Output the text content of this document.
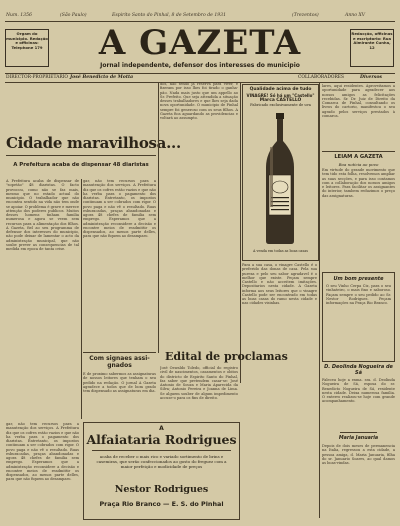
Num. 1356	(São Paulo)	Espirito Santo do Pinhal, 8 de Setembro de 1931	(Trezentos)	Anno XV
Orgam do municipio. Redação e officinas: Telephone 179
Redacção, officinas e escriptorio: Rua Almirante Cunha, 12
A GAZETA
Jornal independente, defensor dos interesses do municipio
DIRECTOR-PROPRIETARIO José Benedicto de Motta	COLLABORADORES	Diversos
Cidade maravilhosa...
A Prefeitura acaba de dispensar 48 diaristas
A Prefeitura acaba de dispensar de "sopetão" 48 diaristas. O facto provocou, como não se faz mais, mesmo que no estado actual do municipio. O trabalhador que não encontra sentido na vida não tem onde se apoiar. O problema é grave e merece attenção dos poderes publicos. Muitos desses homens tinham familia numerosa e agora se veem sem recursos para a alimentação dos filhos. A Gazeta, fiel ao seu programma de defensor dos interesses do municipio, não pode deixar de lamentar o acto da administração municipal, que não soube prever as consequencias de tal medida em epoca de tanta crise.
gar, não tem recursos para a manutenção dos serviços. A Prefeitura diz que os cofres estão vazios e que não ha verba para o pagamento dos diaristas. Entretanto, os impostos continuam a ser cobrados com rigor. O povo paga e não vê o resultado. Ruas esburacadas, praças abandonadas e agora 48 chefes de familia sem emprego. Esperamos que a administração reconsidere a decisão e encontre meios de readmittir os dispensados, ao menos parte delles, para que não fiquem ao desamparo.
dos, não tendo já reserva para viver, e fizeram por isso lhes foi tirado o ganha-pão. Nada mais justo que um appello ao Sr. Prefeito. Que seja attendida a situação desses trabalhadores e que lhes seja dada nova oportunidade. O municipio de Pinhal sempre foi generoso com os seus filhos. A Gazeta fica aguardando as providencias e voltará ao assumpto.
Qualidade acima de tudo
VINAGRE! Só há um "Castello"
Marca CASTELLO
Fabricado exclusivamente de uva
A venda em todas as boas casas
Para a sua casa, o vinagre Castello é o preferido das donas de casa. Pela sua pureza e pelo seu sabor agradavel é o melhor que existe. Peçam sempre Castello e não acceitem imitações. Depositarios nesta cidade. A Gazeta informa aos seus leitores que o vinagre Castello pode ser encontrado em todas as boas casas do ramo nesta cidade e nas cidades visinhas.
lares, aqui residentes. Aproveitamos a oportunidade para agradecer aos nossos amigos as felicitações recebidas. Sr. Dr. Juiz de Direito da Comarca de Pinhal, consultando os livros do cartorio, manifestou o seu agrado pelos serviços prestados à comarca.
LEIAM A GAZETA
Boa noticia ao povo
Em virtude do grande movimento que tem tido esta folha, resolvemos ampliar as suas secções, e para isso contamos com a collaboração dos nossos amigos e leitores. Para facilitar os assignantes do interior, tambem reduzimos o preço das assignaturas.
Um bom presente
O seu Vinho Cerpa Ciz, para o seu vinhateiro, o mais fino e saboroso. Façam sempre o seu pedido ao Sr. Nestor Rodrigues. Peçam informações na Praça Rio Branco.
D. Deolinda Nogueira de Sá
Faleceu hoje a exma. sra. d. Deolinda Nogueira de Sá, esposa do sr. Benedicto Nogueira de Sá, residente nesta cidade. Deixa numerosa familia. O enterro realizou-se hoje com grande acompanhamento.
Maria Januaria
Depois de dois meses de permanencia na Italia, regressou a esta cidade, a pessoa amiga, d. Maria Januaria, filha do sr. Januario Soares, ao qual damos as boas-vindas.
Com signaes assi-gnados
E de proximo sabermos as assignaturas de nossos leitores que tenham o seu pedido na redação. O jornal A Gazeta agradece a todos que de bom grado tem dispensado as assignaturas em dia.
Edital de proclamas
José Oswaldo Toledo, official do registro civil de nascimentos, casamentos e obitos do districto de Espirito Santo do Pinhal, faz saber que pretendem casar-se: José Antonio de Souza e Maria Aparecida da Silva; Antonio Pereira e Joanna de Lima. Se alguem souber de algum impedimento accuse-o para os fins de direito.
A
Alfaiataria Rodrigues
acaba de receber o mais rico e variado sortimento de brins e casemiras, que serão confeccionados ao gosto do freguez com a maior perfeição e modicidade de preços
Nestor Rodrigues
Praça Rio Branco — E. S. do Pinhal
gar, não tem recursos para a manutenção dos serviços. A Prefeitura diz que os cofres estão vazios e que não ha verba para o pagamento dos diaristas. Entretanto, os impostos continuam a ser cobrados com rigor. O povo paga e não vê o resultado. Ruas esburacadas, praças abandonadas e agora 48 chefes de familia sem emprego. Esperamos que a administração reconsidere a decisão e encontre meios de readmittir os dispensados, ao menos parte delles, para que não fiquem ao desamparo.
